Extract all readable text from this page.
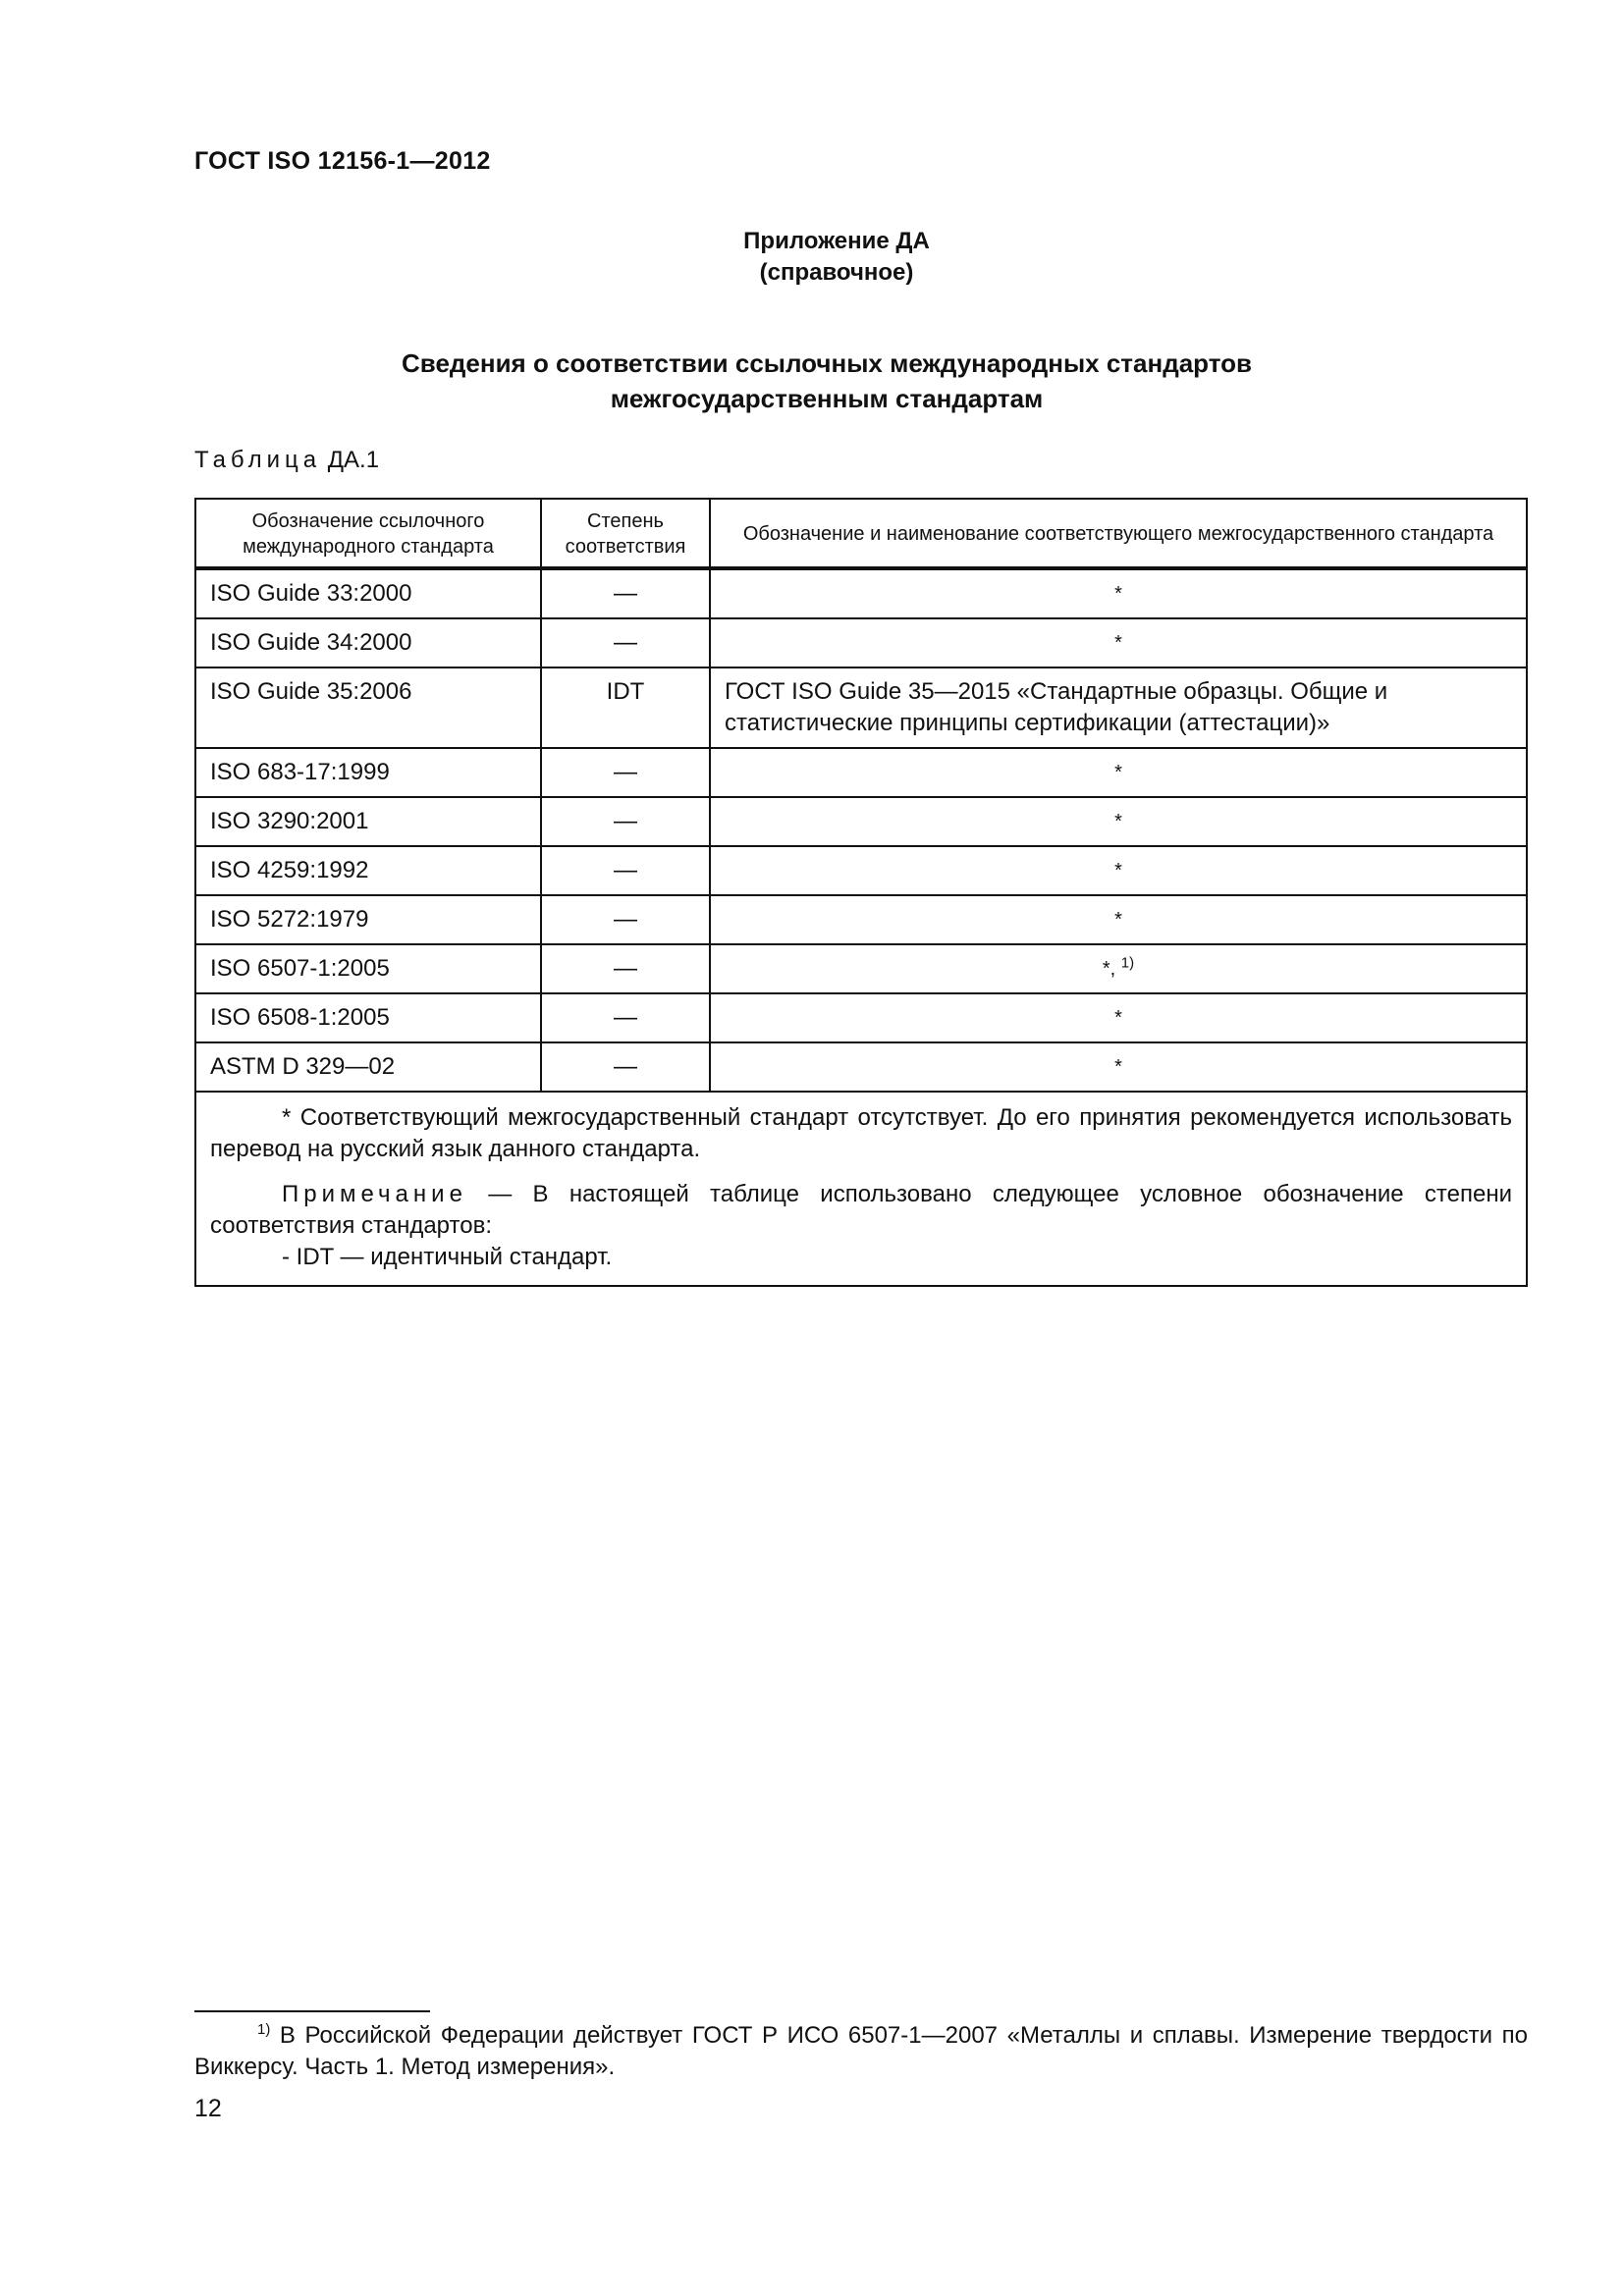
ГОСТ ISO 12156-1—2012
Приложение ДА
(справочное)
Сведения о соответствии ссылочных международных стандартов
межгосударственным стандартам
Таблица ДА.1
Обозначение ссылочного международного стандарта	Степень соответствия	Обозначение и наименование соответствующего межгосударственного стандарта
ISO Guide 33:2000	—	*
ISO Guide 34:2000	—	*
ISO Guide 35:2006	IDT	ГОСТ ISO Guide 35—2015 «Стандартные образцы. Общие и статистические принципы сертификации (аттестации)»
ISO 683-17:1999	—	*
ISO 3290:2001	—	*
ISO 4259:1992	—	*
ISO 5272:1979	—	*
ISO 6507-1:2005	—	*, $^{1)}$
ISO 6508-1:2005	—	*
ASTM D 329—02	—	*

* Соответствующий межгосударственный стандарт отсутствует. До его принятия рекомендуется использовать перевод на русский язык данного стандарта.

Примечание — В настоящей таблице использовано следующее условное обозначение степени соответствия стандартов:

- IDT — идентичный стандарт.		

$^{1)}$ В Российской Федерации действует ГОСТ Р ИСО 6507-1—2007 «Металлы и сплавы. Измерение твердости по Виккерсу. Часть 1. Метод измерения».
12
